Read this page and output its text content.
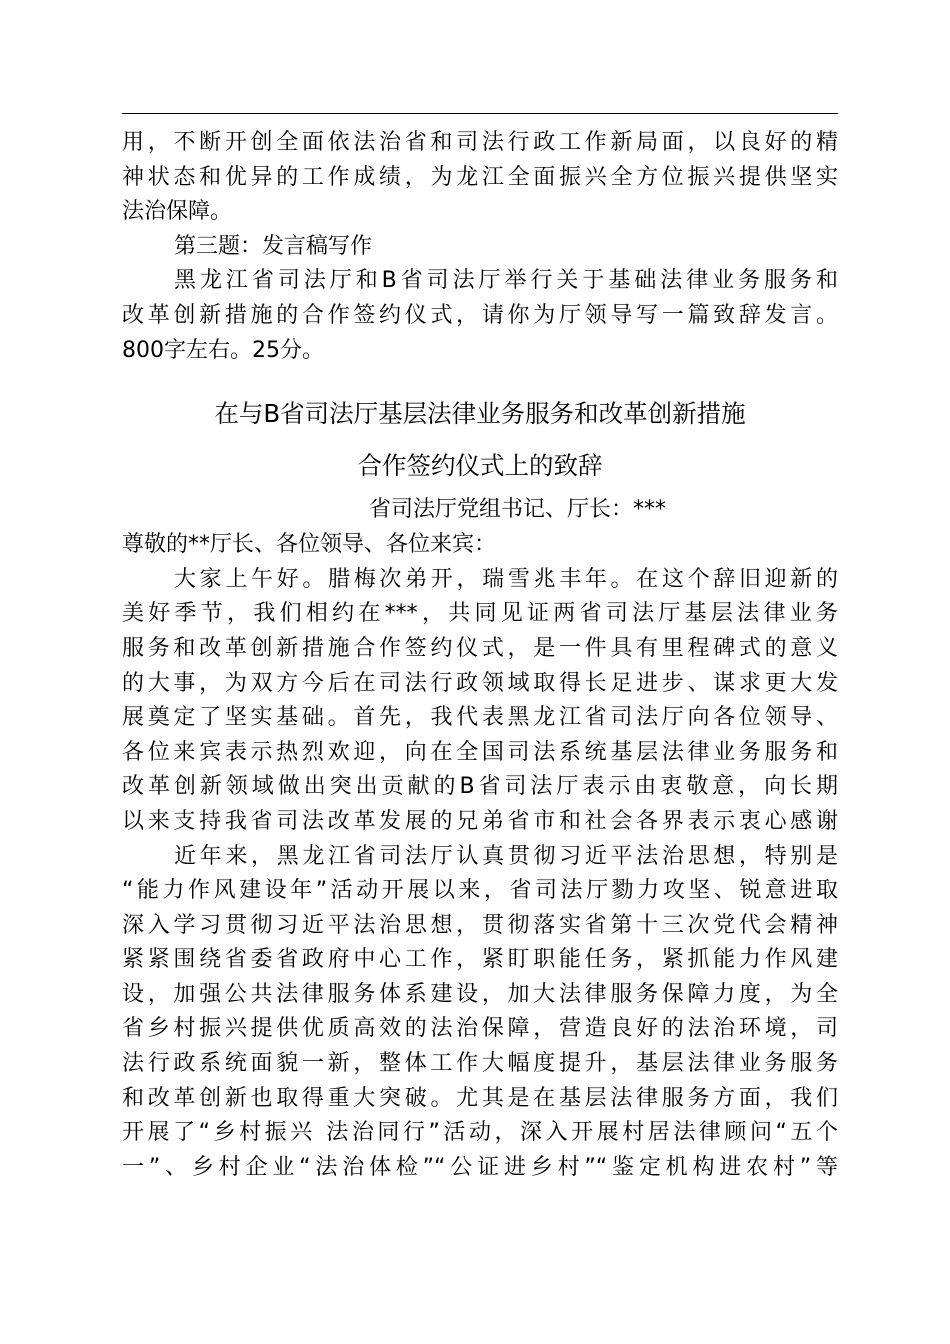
用，不断开创全面依法治省和司法行政工作新局面，以良好的精
神状态和优异的工作成绩，为龙江全面振兴全方位振兴提供坚实
法治保障。
第三题：发言稿写作
黑龙江省司法厅和B省司法厅举行关于基础法律业务服务和
改革创新措施的合作签约仪式，请你为厅领导写一篇致辞发言。
800字左右。25分。
在与B省司法厅基层法律业务服务和改革创新措施
合作签约仪式上的致辞
省司法厅党组书记、厅长：***
尊敬的**厅长、各位领导、各位来宾：
大家上午好。腊梅次弟开，瑞雪兆丰年。在这个辞旧迎新的
美好季节，我们相约在***，共同见证两省司法厅基层法律业务
服务和改革创新措施合作签约仪式，是一件具有里程碑式的意义
的大事，为双方今后在司法行政领域取得长足进步、谋求更大发
展奠定了坚实基础。首先，我代表黑龙江省司法厅向各位领导、
各位来宾表示热烈欢迎，向在全国司法系统基层法律业务服务和
改革创新领域做出突出贡献的B省司法厅表示由衷敬意，向长期
以来支持我省司法改革发展的兄弟省市和社会各界表示衷心感谢
近年来，黑龙江省司法厅认真贯彻习近平法治思想，特别是
“能力作风建设年”活动开展以来，省司法厅勠力攻坚、锐意进取
深入学习贯彻习近平法治思想，贯彻落实省第十三次党代会精神
紧紧围绕省委省政府中心工作，紧盯职能任务，紧抓能力作风建
设，加强公共法律服务体系建设，加大法律服务保障力度，为全
省乡村振兴提供优质高效的法治保障，营造良好的法治环境，司
法行政系统面貌一新，整体工作大幅度提升，基层法律业务服务
和改革创新也取得重大突破。尤其是在基层法律服务方面，我们
开展了“乡村振兴 法治同行”活动，深入开展村居法律顾问“五个
一”、乡村企业“法治体检”“公证进乡村”“鉴定机构进农村”等
